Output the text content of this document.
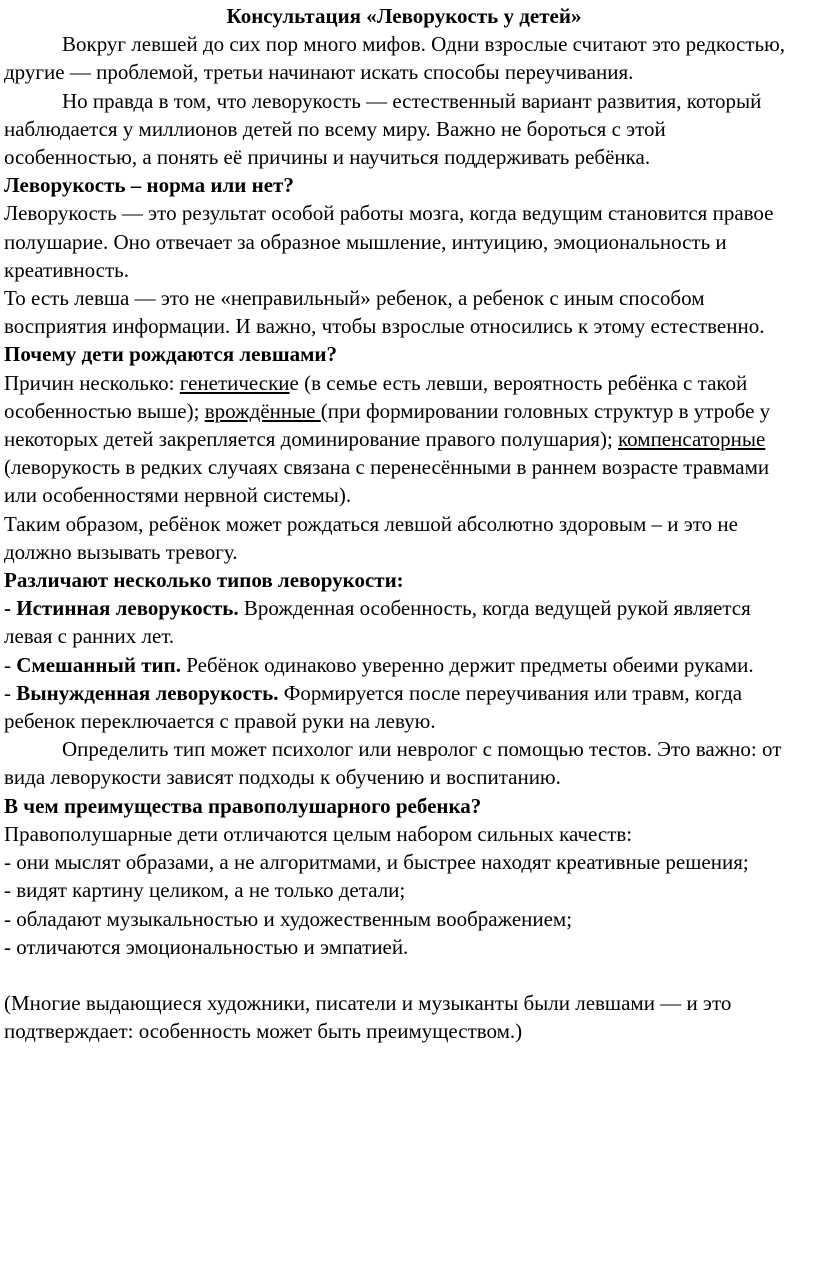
Консультация «Леворукость у детей»

Вокруг левшей до сих пор много мифов. Одни взрослые считают это редкостью, другие — проблемой, третьи начинают искать способы переучивания.

Но правда в том, что леворукость — естественный вариант развития, который наблюдается у миллионов детей по всему миру. Важно не бороться с этой особенностью, а понять её причины и научиться поддерживать ребёнка.

Леворукость – норма или нет?

Леворукость — это результат особой работы мозга, когда ведущим становится правое полушарие. Оно отвечает за образное мышление, интуицию, эмоциональность и креативность.

То есть левша — это не «неправильный» ребенок, а ребенок с иным способом восприятия информации. И важно, чтобы взрослые относились к этому естественно.

Почему дети рождаются левшами?

Причин несколько: генетические (в семье есть левши, вероятность ребёнка с такой особенностью выше); врождённые (при формировании головных структур в утробе у некоторых детей закрепляется доминирование правого полушария); компенсаторные (леворукость в редких случаях связана с перенесёнными в раннем возрасте травмами или особенностями нервной системы).

Таким образом, ребёнок может рождаться левшой абсолютно здоровым – и это не должно вызывать тревогу.

Различают несколько типов леворукости:

- Истинная леворукость. Врожденная особенность, когда ведущей рукой является левая с ранних лет.

- Смешанный тип. Ребёнок одинаково уверенно держит предметы обеими руками.

- Вынужденная леворукость. Формируется после переучивания или травм, когда ребенок переключается с правой руки на левую.

Определить тип может психолог или невролог с помощью тестов. Это важно: от вида леворукости зависят подходы к обучению и воспитанию.

В чем преимущества правополушарного ребенка?

Правополушарные дети отличаются целым набором сильных качеств:

- они мыслят образами, а не алгоритмами, и быстрее находят креативные решения;

- видят картину целиком, а не только детали;

- обладают музыкальностью и художественным воображением;

- отличаются эмоциональностью и эмпатией.

(Многие выдающиеся художники, писатели и музыканты были левшами — и это подтверждает: особенность может быть преимуществом.)
